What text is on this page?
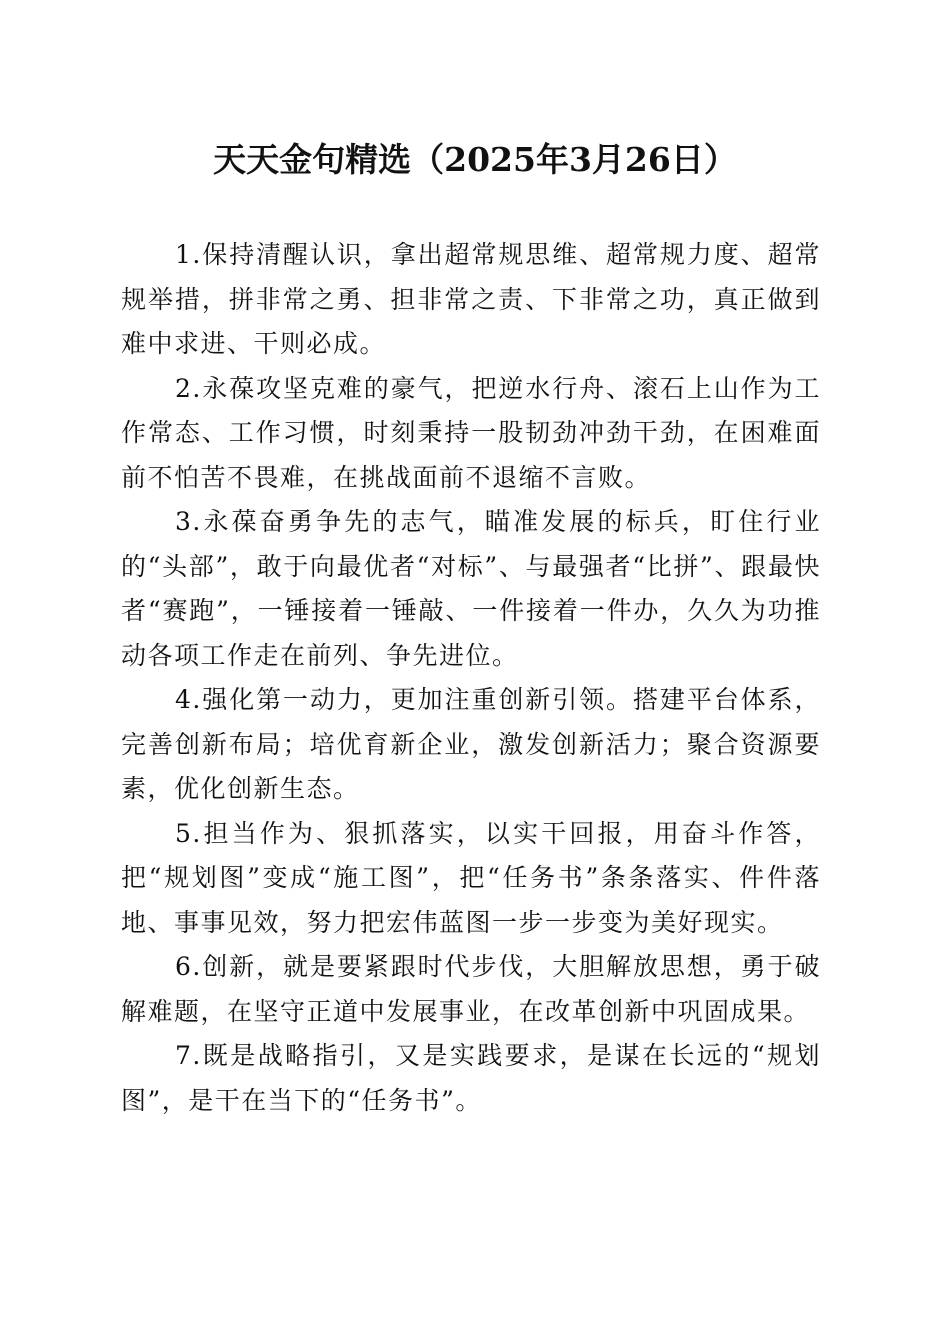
天天金句精选（2025年3月26日）

1.保持清醒认识，拿出超常规思维、超常规力度、超常规举措，拼非常之勇、担非常之责、下非常之功，真正做到难中求进、干则必成。

2.永葆攻坚克难的豪气，把逆水行舟、滚石上山作为工作常态、工作习惯，时刻秉持一股韧劲冲劲干劲，在困难面前不怕苦不畏难，在挑战面前不退缩不言败。

3.永葆奋勇争先的志气，瞄准发展的标兵，盯住行业的“头部”，敢于向最优者“对标”、与最强者“比拼”、跟最快者“赛跑”，一锤接着一锤敲、一件接着一件办，久久为功推动各项工作走在前列、争先进位。

4.强化第一动力，更加注重创新引领。搭建平台体系，完善创新布局；培优育新企业，激发创新活力；聚合资源要素，优化创新生态。

5.担当作为、狠抓落实，以实干回报，用奋斗作答，把“规划图”变成“施工图”，把“任务书”条条落实、件件落地、事事见效，努力把宏伟蓝图一步一步变为美好现实。

6.创新，就是要紧跟时代步伐，大胆解放思想，勇于破解难题，在坚守正道中发展事业，在改革创新中巩固成果。

7.既是战略指引，又是实践要求，是谋在长远的“规划图”，是干在当下的“任务书”。
